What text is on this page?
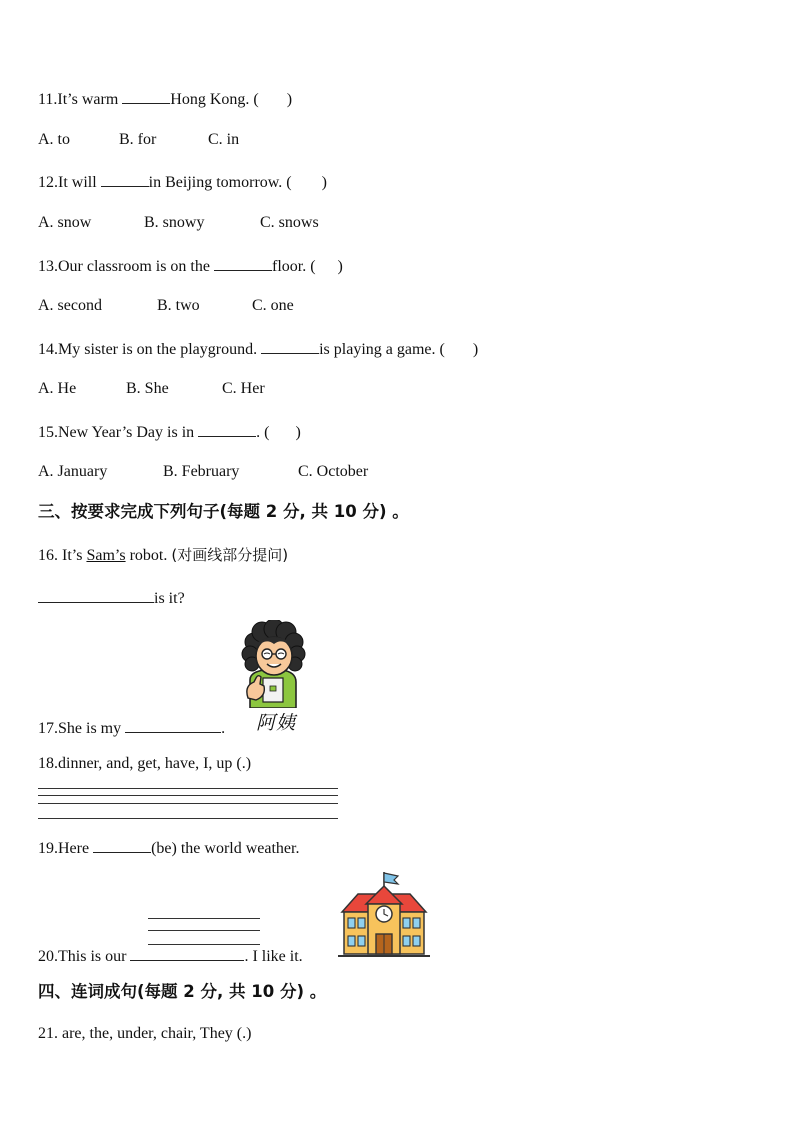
11.It’s warm	Hong Kong. ( )
A. to	B. for	C. in
12.It will	in Beijing tomorrow. ( )
A. snow	B. snowy	C. snows
13.Our classroom is on the	floor. ( )
A. second	B. two	C. one
14.My sister is on the playground.	is playing a game. ( )
A. He	B. She	C. Her
15.New Year’s Day is in	. ( )
A. January	B. February	C. October
三、按要求完成下列句子(每题 2 分, 共 10 分) 。
16. It’s Sam’s robot. (对画线部分提问)
is it?
17.She is my	. 阿姨
18.dinner, and, get, have, I, up (.)
19.Here	(be) the world weather.
20.This is our	. I like it.
四、连词成句(每题 2 分, 共 10 分) 。
21. are, the, under, chair, They (.)
